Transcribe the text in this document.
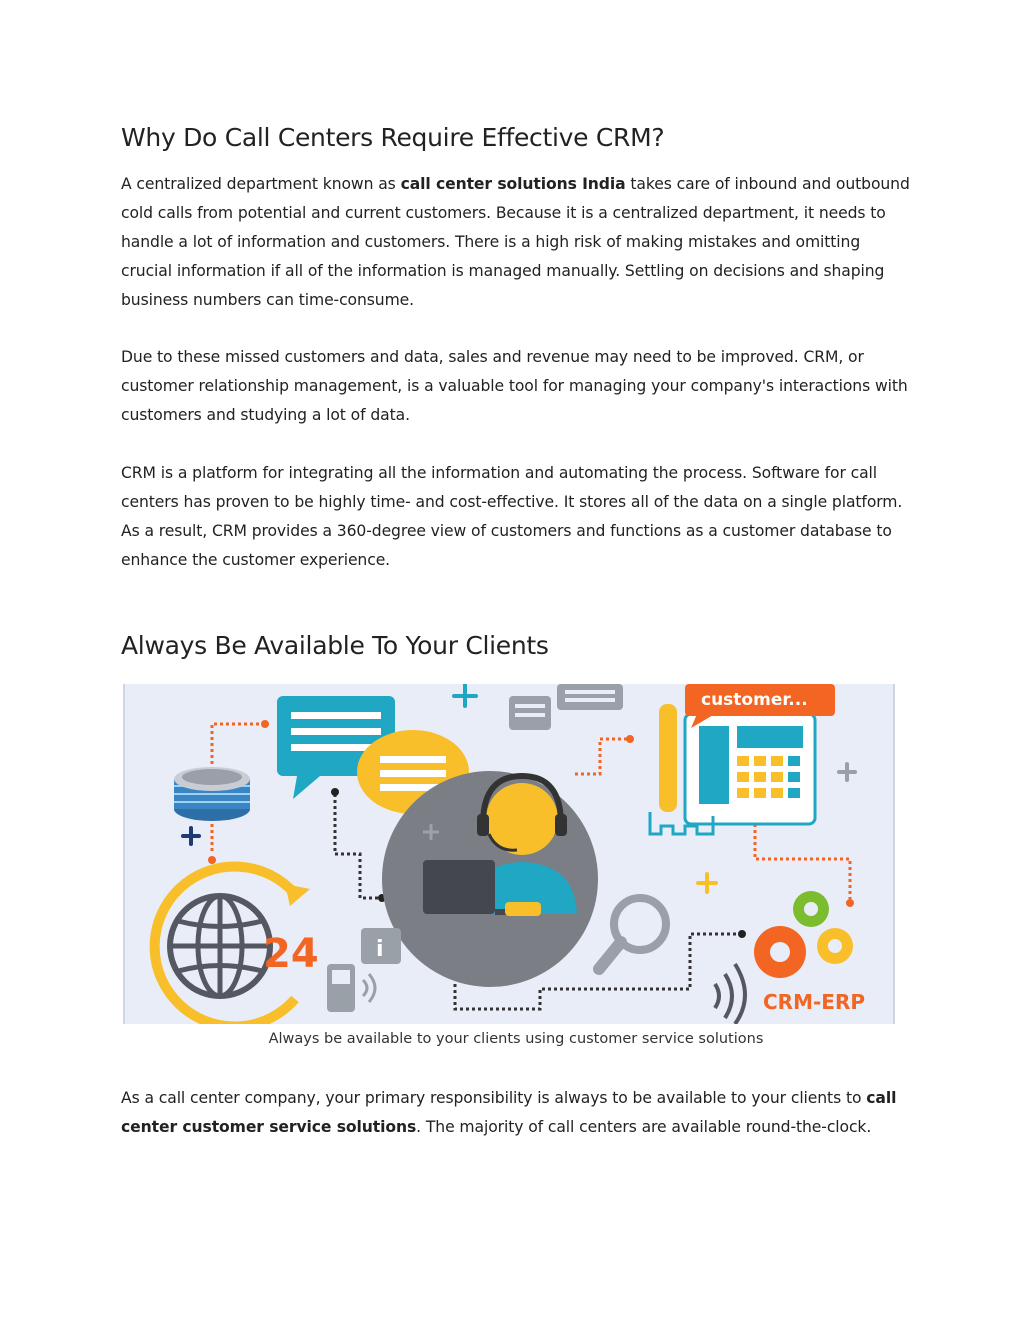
Why Do Call Centers Require Effective CRM?
A centralized department known as call center solutions India takes care of inbound and outbound cold calls from potential and current customers. Because it is a centralized department, it needs to handle a lot of information and customers. There is a high risk of making mistakes and omitting crucial information if all of the information is managed manually. Settling on decisions and shaping business numbers can time-consume.
Due to these missed customers and data, sales and revenue may need to be improved. CRM, or customer relationship management, is a valuable tool for managing your company's interactions with customers and studying a lot of data.
CRM is a platform for integrating all the information and automating the process. Software for call centers has proven to be highly time- and cost-effective. It stores all of the data on a single platform. As a result, CRM provides a 360-degree view of customers and functions as a customer database to enhance the customer experience.
Always Be Available To Your Clients
customer...
24	i
CRM-ERP
Always be available to your clients using customer service solutions
As a call center company, your primary responsibility is always to be available to your clients to call center customer service solutions. The majority of call centers are available round-the-clock.
